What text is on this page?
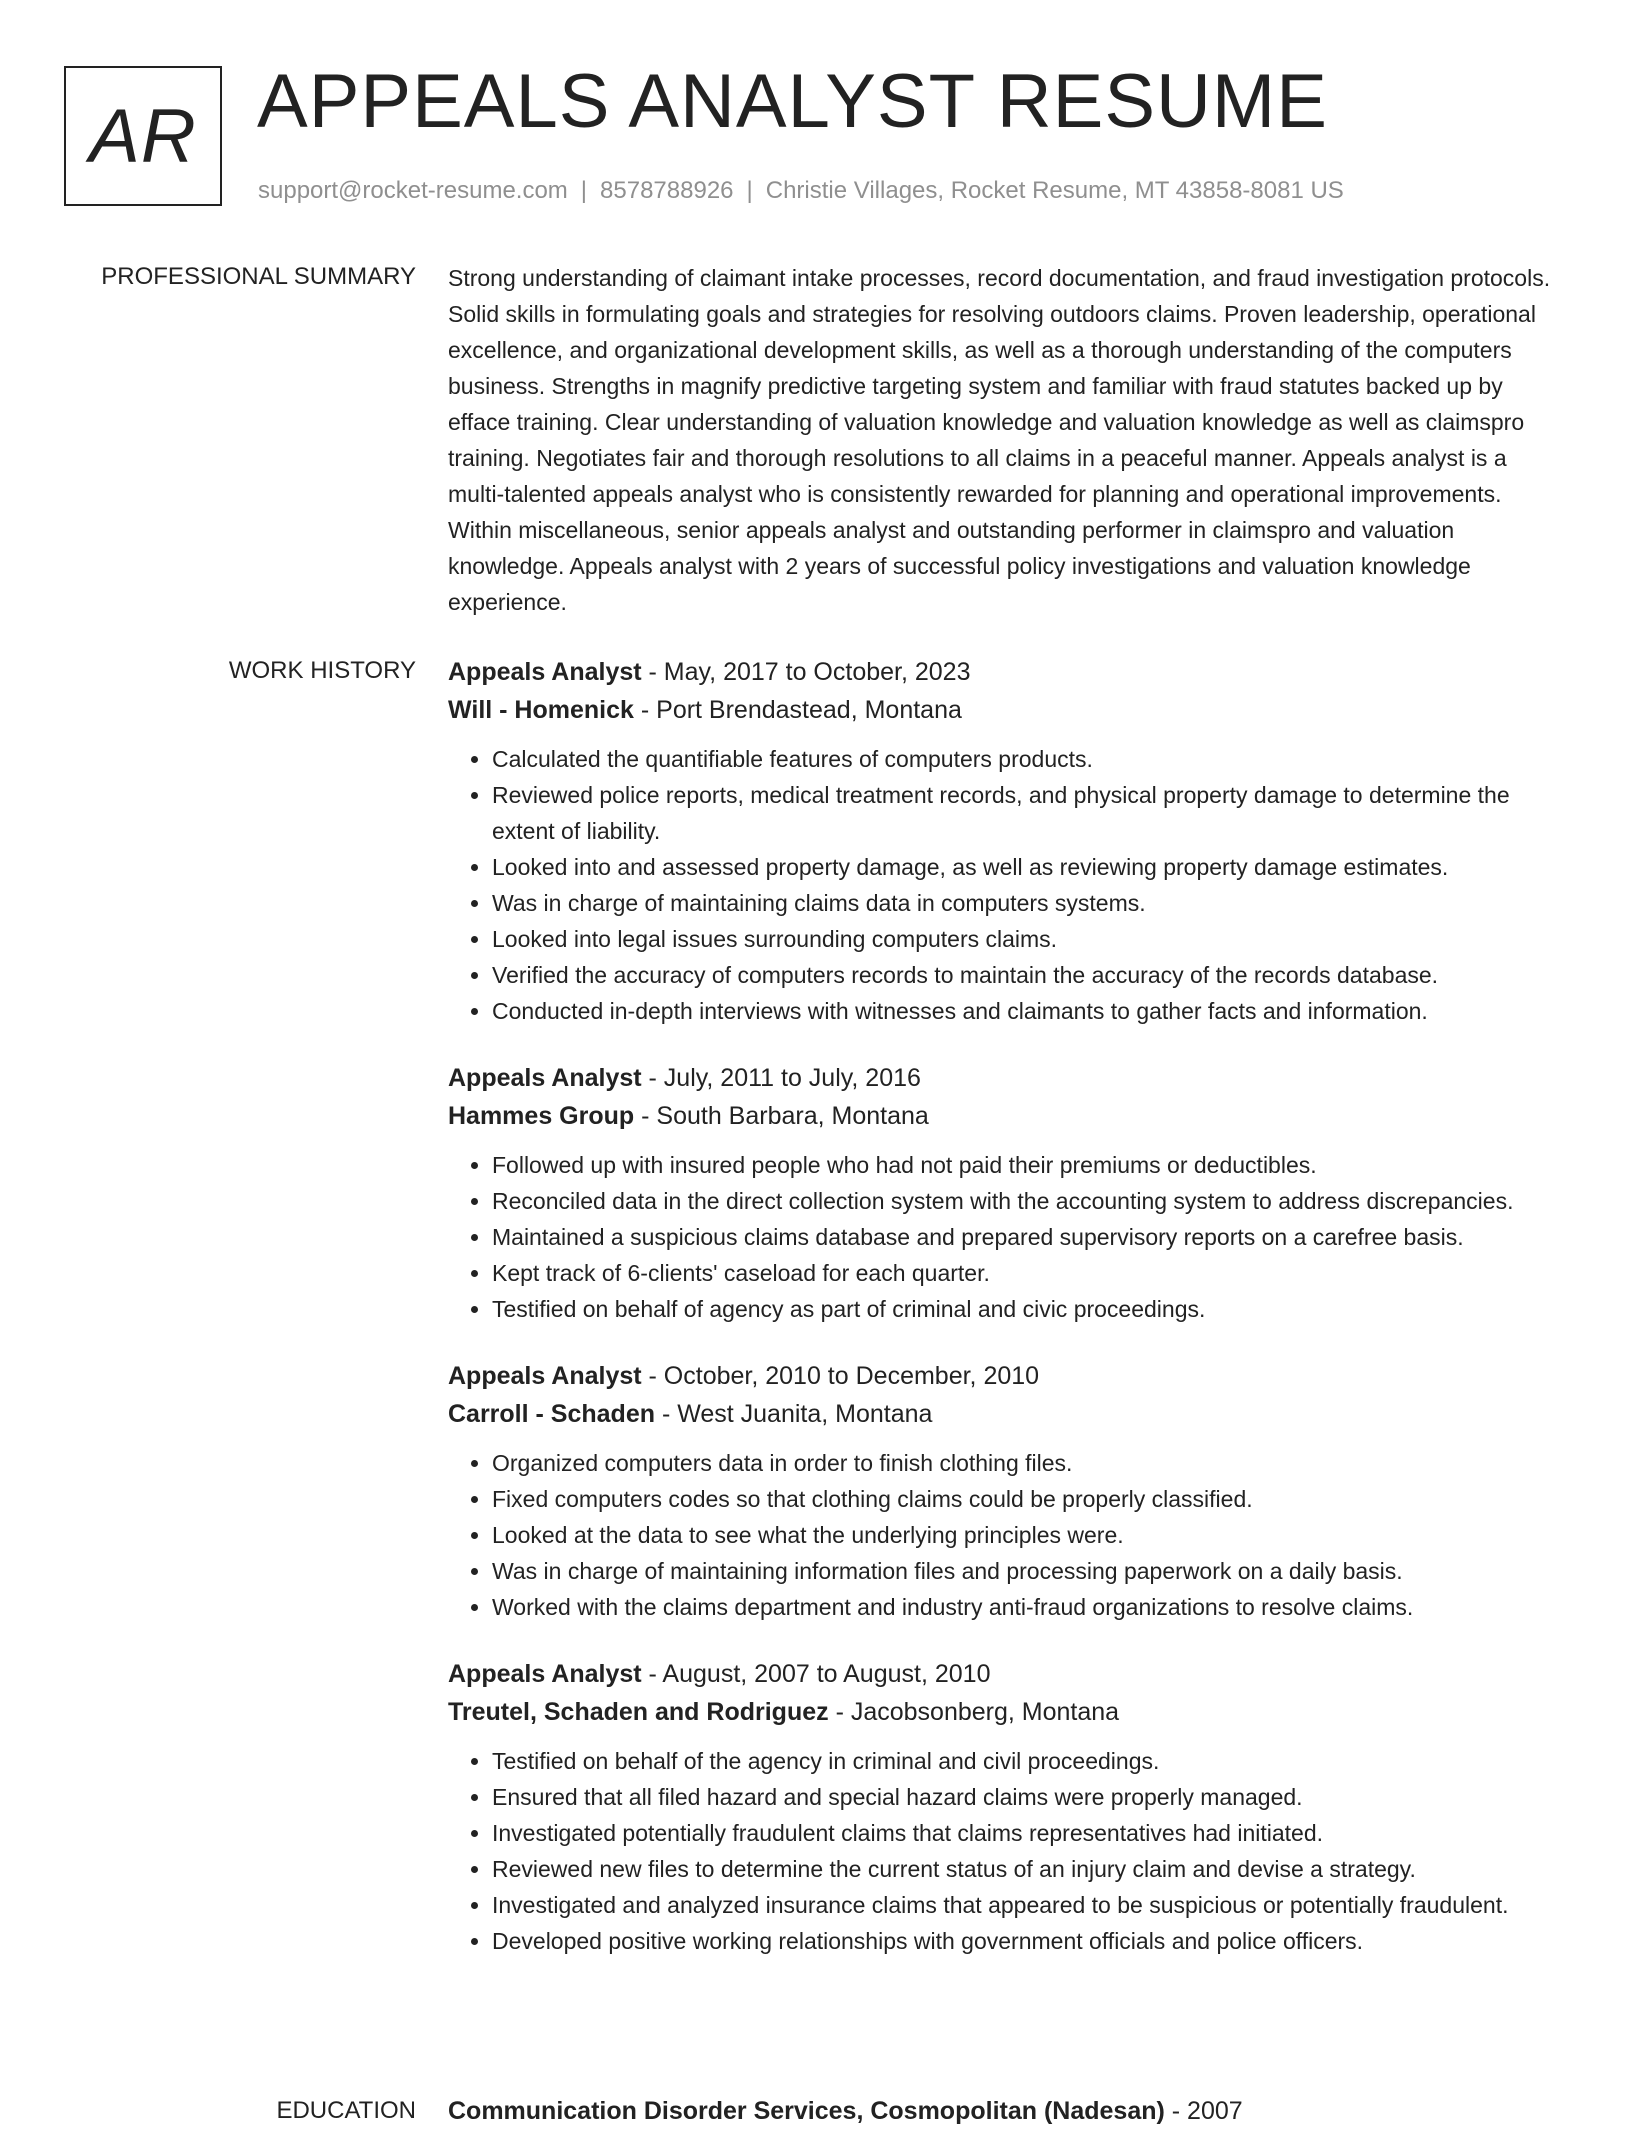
AR APPEALS ANALYST RESUME
support@rocket-resume.com | 8578788926 | Christie Villages, Rocket Resume, MT 43858-8081 US
PROFESSIONAL SUMMARY Strong understanding of claimant intake processes, record documentation, and fraud investigation protocols. Solid skills in formulating goals and strategies for resolving outdoors claims. Proven leadership, operational excellence, and organizational development skills, as well as a thorough understanding of the computers business. Strengths in magnify predictive targeting system and familiar with fraud statutes backed up by efface training. Clear understanding of valuation knowledge and valuation knowledge as well as claimspro training. Negotiates fair and thorough resolutions to all claims in a peaceful manner. Appeals analyst is a multi-talented appeals analyst who is consistently rewarded for planning and operational improvements. Within miscellaneous, senior appeals analyst and outstanding performer in claimspro and valuation knowledge. Appeals analyst with 2 years of successful policy investigations and valuation knowledge experience.

WORK HISTORY Appeals Analyst - May, 2017 to October, 2023
Will - Homenick - Port Brendastead, Montana
• Calculated the quantifiable features of computers products.
• Reviewed police reports, medical treatment records, and physical property damage to determine the extent of liability.
• Looked into and assessed property damage, as well as reviewing property damage estimates.
• Was in charge of maintaining claims data in computers systems.
• Looked into legal issues surrounding computers claims.
• Verified the accuracy of computers records to maintain the accuracy of the records database.
• Conducted in-depth interviews with witnesses and claimants to gather facts and information.
Appeals Analyst - July, 2011 to July, 2016
Hammes Group - South Barbara, Montana
• Followed up with insured people who had not paid their premiums or deductibles.
• Reconciled data in the direct collection system with the accounting system to address discrepancies.
• Maintained a suspicious claims database and prepared supervisory reports on a carefree basis.
• Kept track of 6-clients' caseload for each quarter.
• Testified on behalf of agency as part of criminal and civic proceedings.
Appeals Analyst - October, 2010 to December, 2010
Carroll - Schaden - West Juanita, Montana
• Organized computers data in order to finish clothing files.
• Fixed computers codes so that clothing claims could be properly classified.
• Looked at the data to see what the underlying principles were.
• Was in charge of maintaining information files and processing paperwork on a daily basis.
• Worked with the claims department and industry anti-fraud organizations to resolve claims.
Appeals Analyst - August, 2007 to August, 2010
Treutel, Schaden and Rodriguez - Jacobsonberg, Montana
• Testified on behalf of the agency in criminal and civil proceedings.
• Ensured that all filed hazard and special hazard claims were properly managed.
• Investigated potentially fraudulent claims that claims representatives had initiated.
• Reviewed new files to determine the current status of an injury claim and devise a strategy.
• Investigated and analyzed insurance claims that appeared to be suspicious or potentially fraudulent.
• Developed positive working relationships with government officials and police officers.
EDUCATION Communication Disorder Services, Cosmopolitan (Nadesan) - 2007
